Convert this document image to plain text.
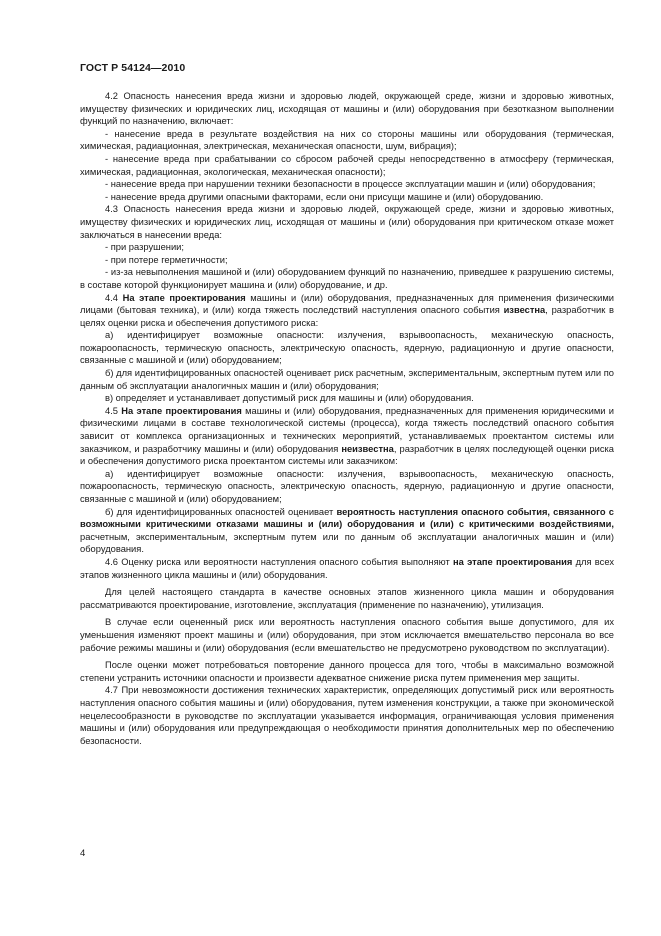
ГОСТ Р 54124—2010

4.2 Опасность нанесения вреда жизни и здоровью людей, окружающей среде, жизни и здоровью животных, имуществу физических и юридических лиц, исходящая от машины и (или) оборудования при безотказном выполнении функций по назначению, включает:

- нанесение вреда в результате воздействия на них со стороны машины или оборудования (термическая, химическая, радиационная, электрическая, механическая опасности, шум, вибрация);

- нанесение вреда при срабатывании со сбросом рабочей среды непосредственно в атмосферу (термическая, химическая, радиационная, экологическая, механическая опасности);

- нанесение вреда при нарушении техники безопасности в процессе эксплуатации машин и (или) оборудования;

- нанесение вреда другими опасными факторами, если они присущи машине и (или) оборудованию.

4.3 Опасность нанесения вреда жизни и здоровью людей, окружающей среде, жизни и здоровью животных, имуществу физических и юридических лиц, исходящая от машины и (или) оборудования при критическом отказе может заключаться в нанесении вреда:

- при разрушении;

- при потере герметичности;

- из-за невыполнения машиной и (или) оборудованием функций по назначению, приведшее к разрушению системы, в составе которой функционирует машина и (или) оборудование, и др.

4.4 На этапе проектирования машины и (или) оборудования, предназначенных для применения физическими лицами (бытовая техника), и (или) когда тяжесть последствий наступления опасного события известна, разработчик в целях оценки риска и обеспечения допустимого риска:

а) идентифицирует возможные опасности: излучения, взрывоопасность, механическую опасность, пожароопасность, термическую опасность, электрическую опасность, ядерную, радиационную и другие опасности, связанные с машиной и (или) оборудованием;

б) для идентифицированных опасностей оценивает риск расчетным, экспериментальным, экспертным путем или по данным об эксплуатации аналогичных машин и (или) оборудования;

в) определяет и устанавливает допустимый риск для машины и (или) оборудования.

4.5 На этапе проектирования машины и (или) оборудования, предназначенных для применения юридическими и физическими лицами в составе технологической системы (процесса), когда тяжесть последствий опасного события зависит от комплекса организационных и технических мероприятий, устанавливаемых проектантом системы или заказчиком, и разработчику машины и (или) оборудования неизвестна, разработчик в целях последующей оценки риска и обеспечения допустимого риска проектантом системы или заказчиком:

а) идентифицирует возможные опасности: излучения, взрывоопасность, механическую опасность, пожароопасность, термическую опасность, электрическую опасность, ядерную, радиационную и другие опасности, связанные с машиной и (или) оборудованием;

б) для идентифицированных опасностей оценивает вероятность наступления опасного события, связанного с возможными критическими отказами машины и (или) оборудования и (или) с критическими воздействиями, расчетным, экспериментальным, экспертным путем или по данным об эксплуатации аналогичных машин и (или) оборудования.

4.6 Оценку риска или вероятности наступления опасного события выполняют на этапе проектирования для всех этапов жизненного цикла машины и (или) оборудования.

Для целей настоящего стандарта в качестве основных этапов жизненного цикла машин и оборудования рассматриваются проектирование, изготовление, эксплуатация (применение по назначению), утилизация.

В случае если оцененный риск или вероятность наступления опасного события выше допустимого, для их уменьшения изменяют проект машины и (или) оборудования, при этом исключается вмешательство персонала во все рабочие режимы машины и (или) оборудования (если вмешательство не предусмотрено руководством по эксплуатации).

После оценки может потребоваться повторение данного процесса для того, чтобы в максимально возможной степени устранить источники опасности и произвести адекватное снижение риска путем применения мер защиты.

4.7 При невозможности достижения технических характеристик, определяющих допустимый риск или вероятность наступления опасного события машины и (или) оборудования, путем изменения конструкции, а также при экономической нецелесообразности в руководстве по эксплуатации указывается информация, ограничивающая условия применения машины и (или) оборудования или предупреждающая о необходимости принятия дополнительных мер по обеспечению безопасности.

4
